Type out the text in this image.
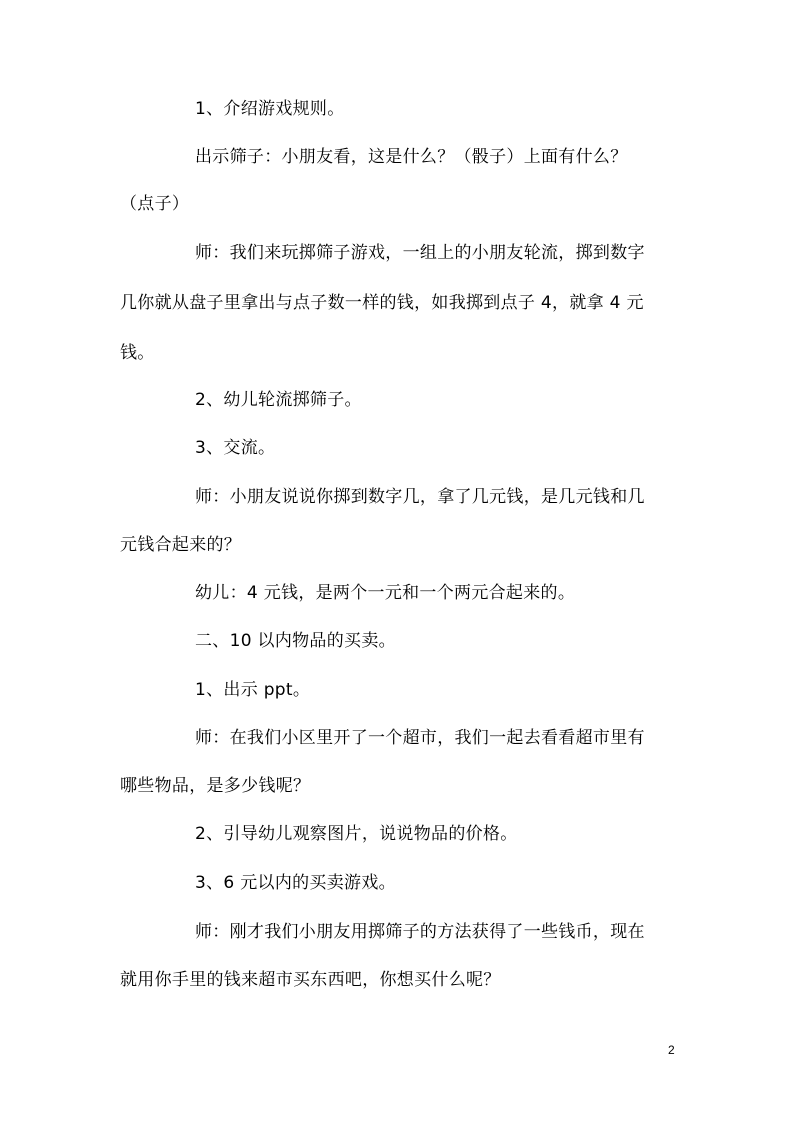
1、介绍游戏规则。
出示筛子：小朋友看，这是什么？（骰子）上面有什么？
（点子）
师：我们来玩掷筛子游戏，一组上的小朋友轮流，掷到数字
几你就从盘子里拿出与点子数一样的钱，如我掷到点子 4，就拿 4 元
钱。
2、幼儿轮流掷筛子。
3、交流。
师：小朋友说说你掷到数字几，拿了几元钱，是几元钱和几
元钱合起来的？
幼儿：4 元钱，是两个一元和一个两元合起来的。
二、10 以内物品的买卖。
1、出示 ppt。
师：在我们小区里开了一个超市，我们一起去看看超市里有
哪些物品，是多少钱呢？
2、引导幼儿观察图片，说说物品的价格。
3、6 元以内的买卖游戏。
师：刚才我们小朋友用掷筛子的方法获得了一些钱币，现在
就用你手里的钱来超市买东西吧，你想买什么呢？
2
